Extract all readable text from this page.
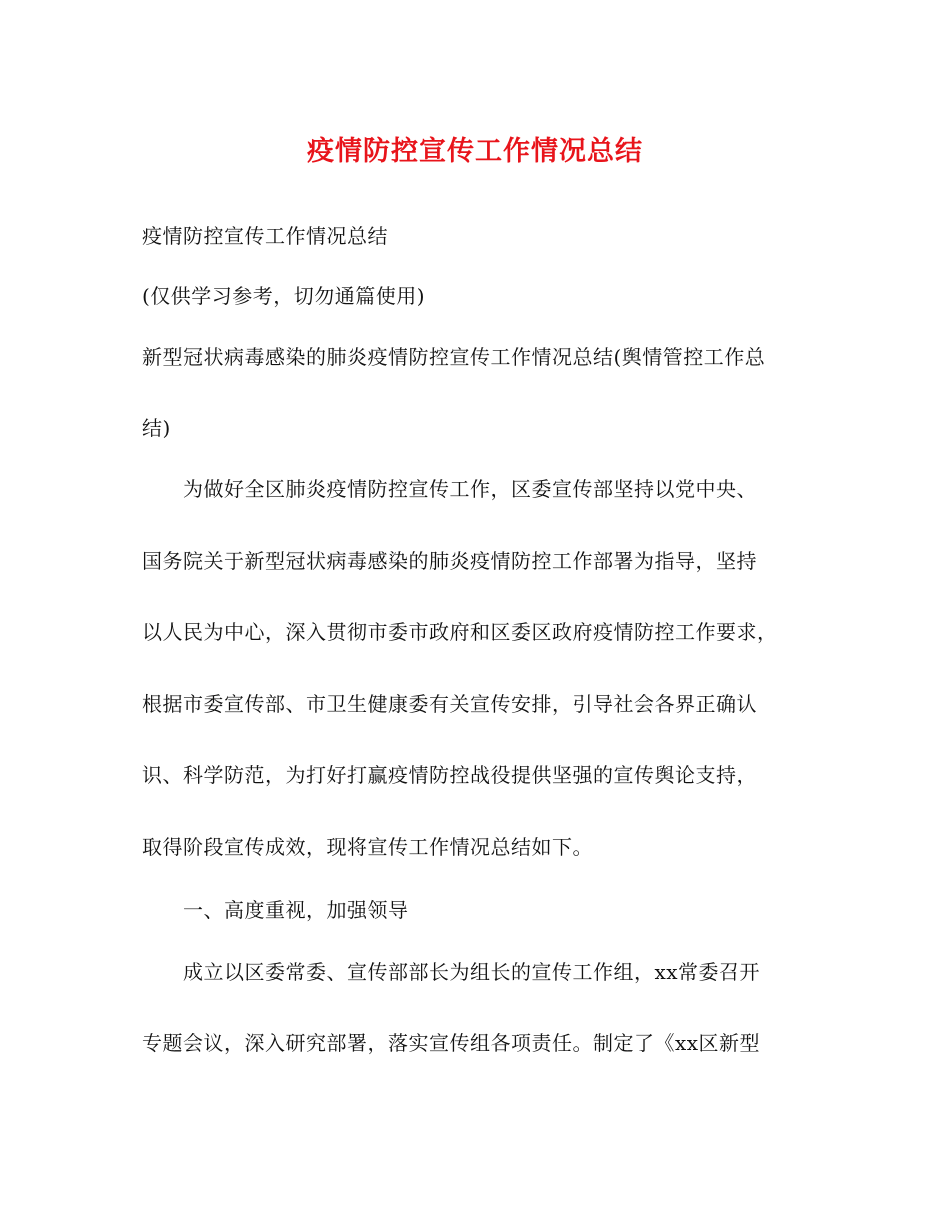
疫情防控宣传工作情况总结

疫情防控宣传工作情况总结

(仅供学习参考，切勿通篇使用)

新型冠状病毒感染的肺炎疫情防控宣传工作情况总结(舆情管控工作总

结)

为做好全区肺炎疫情防控宣传工作，区委宣传部坚持以党中央、

国务院关于新型冠状病毒感染的肺炎疫情防控工作部署为指导，坚持

以人民为中心，深入贯彻市委市政府和区委区政府疫情防控工作要求，

根据市委宣传部、市卫生健康委有关宣传安排，引导社会各界正确认

识、科学防范，为打好打赢疫情防控战役提供坚强的宣传舆论支持，

取得阶段宣传成效，现将宣传工作情况总结如下。

一、高度重视，加强领导

成立以区委常委、宣传部部长为组长的宣传工作组，xx常委召开

专题会议，深入研究部署，落实宣传组各项责任。制定了《xx区新型
